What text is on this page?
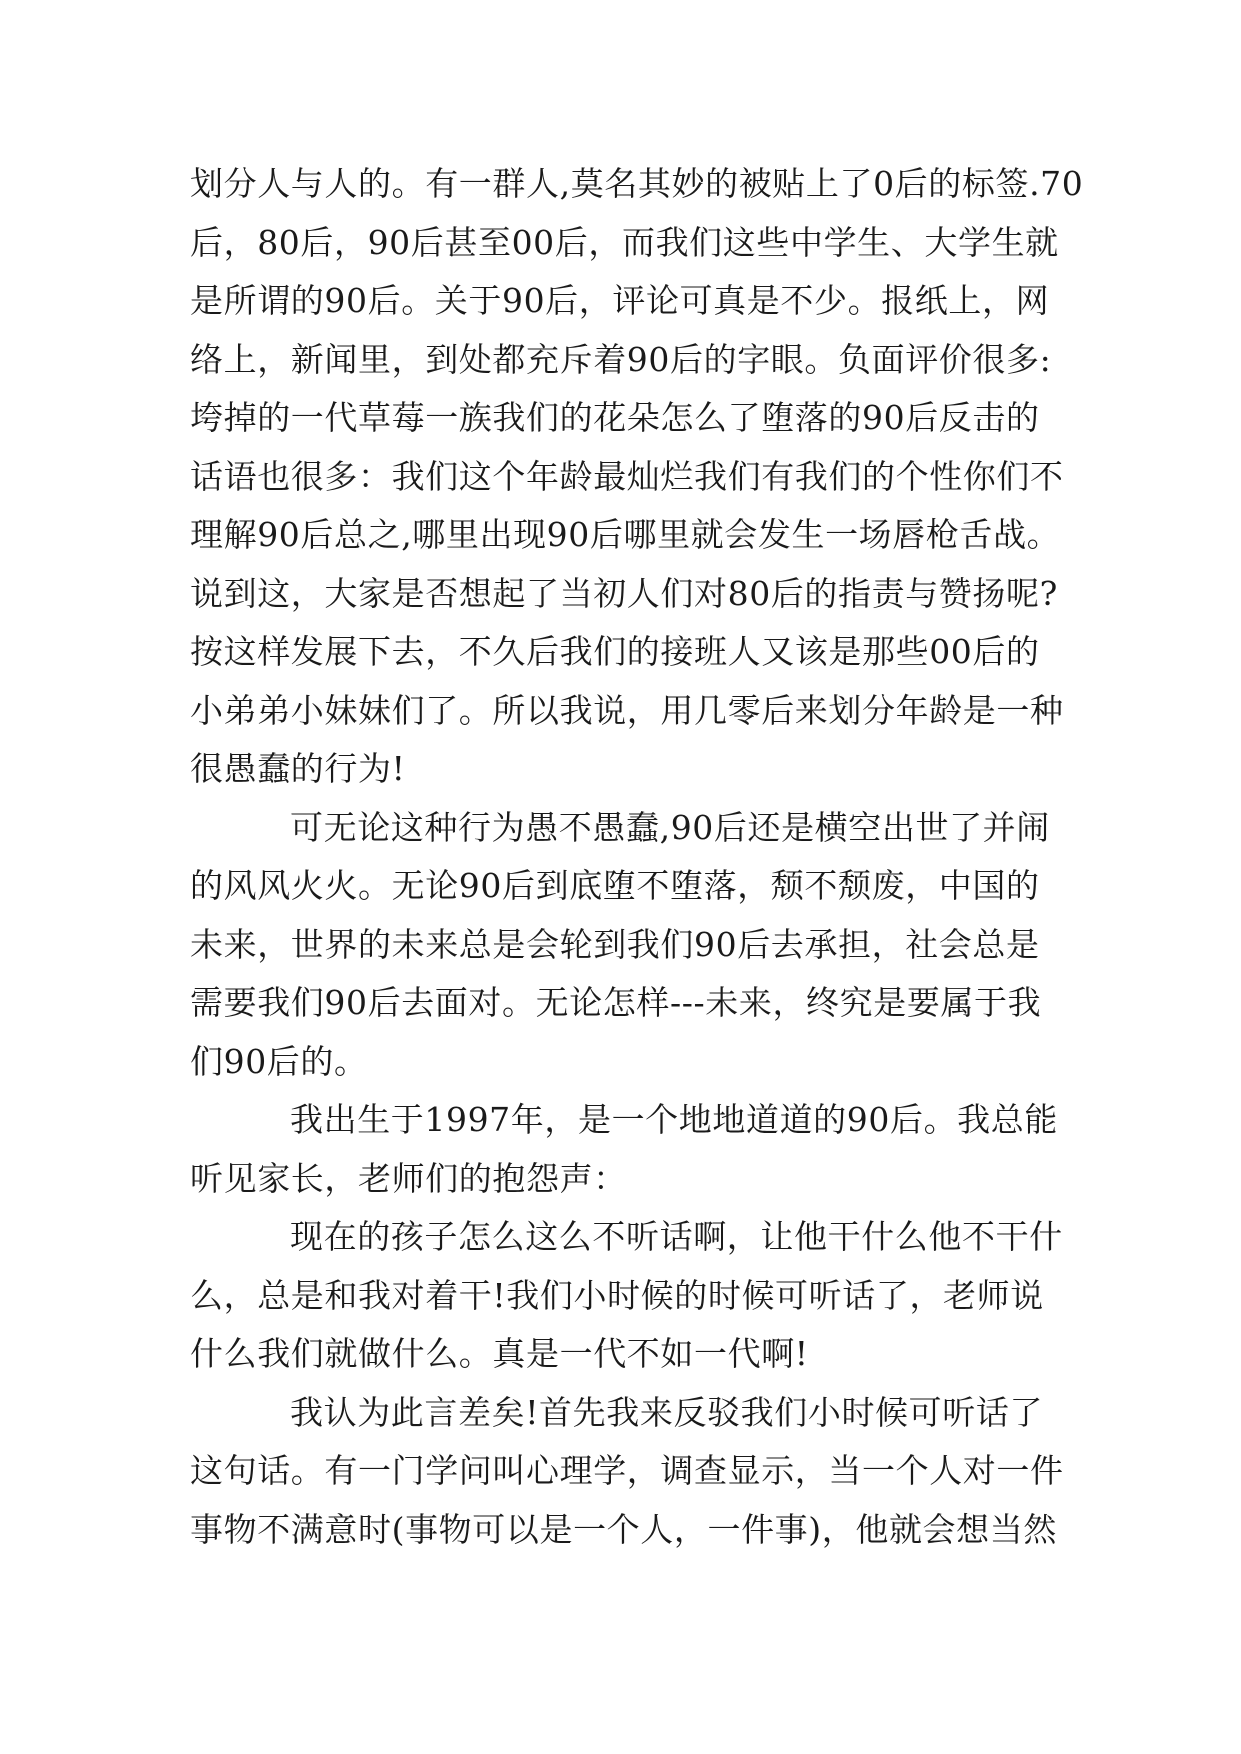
划分人与人的。有一群人,莫名其妙的被贴上了0后的标签.70
后，80后，90后甚至00后，而我们这些中学生、大学生就
是所谓的90后。关于90后，评论可真是不少。报纸上，网
络上，新闻里，到处都充斥着90后的字眼。负面评价很多:
垮掉的一代草莓一族我们的花朵怎么了堕落的90后反击的
话语也很多：我们这个年龄最灿烂我们有我们的个性你们不
理解90后总之,哪里出现90后哪里就会发生一场唇枪舌战。
说到这，大家是否想起了当初人们对80后的指责与赞扬呢?
按这样发展下去，不久后我们的接班人又该是那些00后的
小弟弟小妹妹们了。所以我说，用几零后来划分年龄是一种
很愚蠢的行为!
可无论这种行为愚不愚蠢,90后还是横空出世了并闹
的风风火火。无论90后到底堕不堕落，颓不颓废，中国的
未来，世界的未来总是会轮到我们90后去承担，社会总是
需要我们90后去面对。无论怎样---未来，终究是要属于我
们90后的。
我出生于1997年，是一个地地道道的90后。我总能
听见家长，老师们的抱怨声：
现在的孩子怎么这么不听话啊，让他干什么他不干什
么，总是和我对着干!我们小时候的时候可听话了，老师说
什么我们就做什么。真是一代不如一代啊!
我认为此言差矣!首先我来反驳我们小时候可听话了
这句话。有一门学问叫心理学，调查显示，当一个人对一件
事物不满意时(事物可以是一个人，一件事)，他就会想当然
